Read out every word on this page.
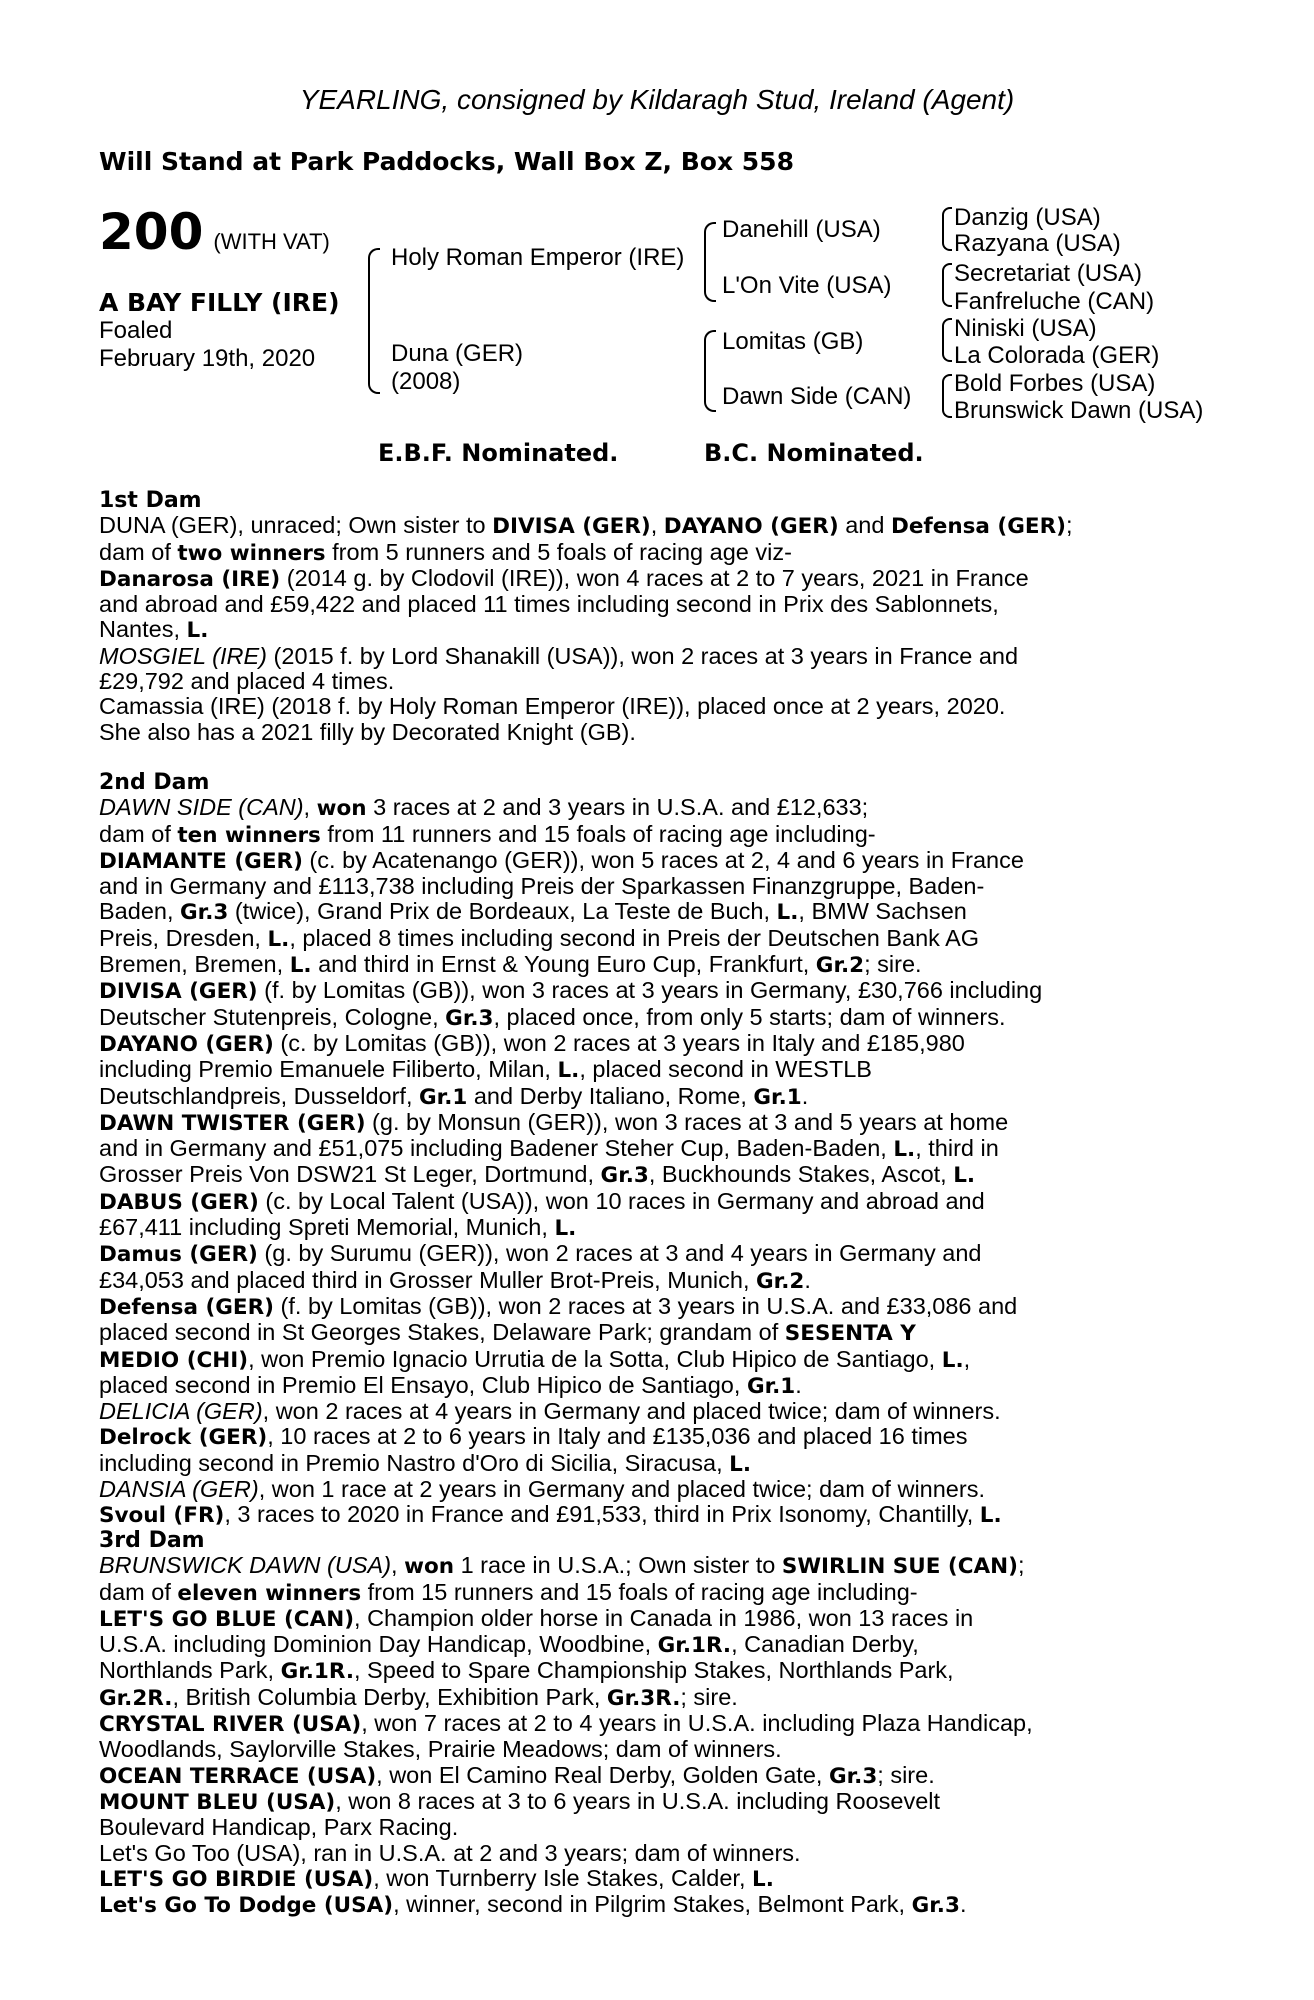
YEARLING, consigned by Kildaragh Stud, Ireland (Agent)
Will Stand at Park Paddocks, Wall Box Z, Box 558
200 (WITH VAT)
A BAY FILLY (IRE)
Foaled
February 19th, 2020
Holy Roman Emperor (IRE)
Duna (GER)
(2008)
Danehill (USA)
L'On Vite (USA)
Lomitas (GB)
Dawn Side (CAN)
Danzig (USA)
Razyana (USA)
Secretariat (USA)
Fanfreluche (CAN)
Niniski (USA)
La Colorada (GER)
Bold Forbes (USA)
Brunswick Dawn (USA)
E.B.F. Nominated.	B.C. Nominated.

1st Dam

DUNA (GER), unraced; Own sister to DIVISA (GER), DAYANO (GER) and Defensa (GER);

dam of two winners from 5 runners and 5 foals of racing age viz-

Danarosa (IRE) (2014 g. by Clodovil (IRE)), won 4 races at 2 to 7 years, 2021 in France

and abroad and £59,422 and placed 11 times including second in Prix des Sablonnets,

Nantes, L.

MOSGIEL (IRE) (2015 f. by Lord Shanakill (USA)), won 2 races at 3 years in France and

£29,792 and placed 4 times.

Camassia (IRE) (2018 f. by Holy Roman Emperor (IRE)), placed once at 2 years, 2020.

She also has a 2021 filly by Decorated Knight (GB).

2nd Dam

DAWN SIDE (CAN), won 3 races at 2 and 3 years in U.S.A. and £12,633;

dam of ten winners from 11 runners and 15 foals of racing age including-

DIAMANTE (GER) (c. by Acatenango (GER)), won 5 races at 2, 4 and 6 years in France

and in Germany and £113,738 including Preis der Sparkassen Finanzgruppe, Baden-

Baden, Gr.3 (twice), Grand Prix de Bordeaux, La Teste de Buch, L., BMW Sachsen

Preis, Dresden, L., placed 8 times including second in Preis der Deutschen Bank AG

Bremen, Bremen, L. and third in Ernst & Young Euro Cup, Frankfurt, Gr.2; sire.

DIVISA (GER) (f. by Lomitas (GB)), won 3 races at 3 years in Germany, £30,766 including

Deutscher Stutenpreis, Cologne, Gr.3, placed once, from only 5 starts; dam of winners.

DAYANO (GER) (c. by Lomitas (GB)), won 2 races at 3 years in Italy and £185,980

including Premio Emanuele Filiberto, Milan, L., placed second in WESTLB

Deutschlandpreis, Dusseldorf, Gr.1 and Derby Italiano, Rome, Gr.1.

DAWN TWISTER (GER) (g. by Monsun (GER)), won 3 races at 3 and 5 years at home

and in Germany and £51,075 including Badener Steher Cup, Baden-Baden, L., third in

Grosser Preis Von DSW21 St Leger, Dortmund, Gr.3, Buckhounds Stakes, Ascot, L.

DABUS (GER) (c. by Local Talent (USA)), won 10 races in Germany and abroad and

£67,411 including Spreti Memorial, Munich, L.

Damus (GER) (g. by Surumu (GER)), won 2 races at 3 and 4 years in Germany and

£34,053 and placed third in Grosser Muller Brot-Preis, Munich, Gr.2.

Defensa (GER) (f. by Lomitas (GB)), won 2 races at 3 years in U.S.A. and £33,086 and

placed second in St Georges Stakes, Delaware Park; grandam of SESENTA Y

MEDIO (CHI), won Premio Ignacio Urrutia de la Sotta, Club Hipico de Santiago, L.,

placed second in Premio El Ensayo, Club Hipico de Santiago, Gr.1.

DELICIA (GER), won 2 races at 4 years in Germany and placed twice; dam of winners.

Delrock (GER), 10 races at 2 to 6 years in Italy and £135,036 and placed 16 times

including second in Premio Nastro d'Oro di Sicilia, Siracusa, L.

DANSIA (GER), won 1 race at 2 years in Germany and placed twice; dam of winners.

Svoul (FR), 3 races to 2020 in France and £91,533, third in Prix Isonomy, Chantilly, L.

3rd Dam

BRUNSWICK DAWN (USA), won 1 race in U.S.A.; Own sister to SWIRLIN SUE (CAN);

dam of eleven winners from 15 runners and 15 foals of racing age including-

LET'S GO BLUE (CAN), Champion older horse in Canada in 1986, won 13 races in

U.S.A. including Dominion Day Handicap, Woodbine, Gr.1R., Canadian Derby,

Northlands Park, Gr.1R., Speed to Spare Championship Stakes, Northlands Park,

Gr.2R., British Columbia Derby, Exhibition Park, Gr.3R.; sire.

CRYSTAL RIVER (USA), won 7 races at 2 to 4 years in U.S.A. including Plaza Handicap,

Woodlands, Saylorville Stakes, Prairie Meadows; dam of winners.

OCEAN TERRACE (USA), won El Camino Real Derby, Golden Gate, Gr.3; sire.

MOUNT BLEU (USA), won 8 races at 3 to 6 years in U.S.A. including Roosevelt

Boulevard Handicap, Parx Racing.

Let's Go Too (USA), ran in U.S.A. at 2 and 3 years; dam of winners.

LET'S GO BIRDIE (USA), won Turnberry Isle Stakes, Calder, L.

Let's Go To Dodge (USA), winner, second in Pilgrim Stakes, Belmont Park, Gr.3.
